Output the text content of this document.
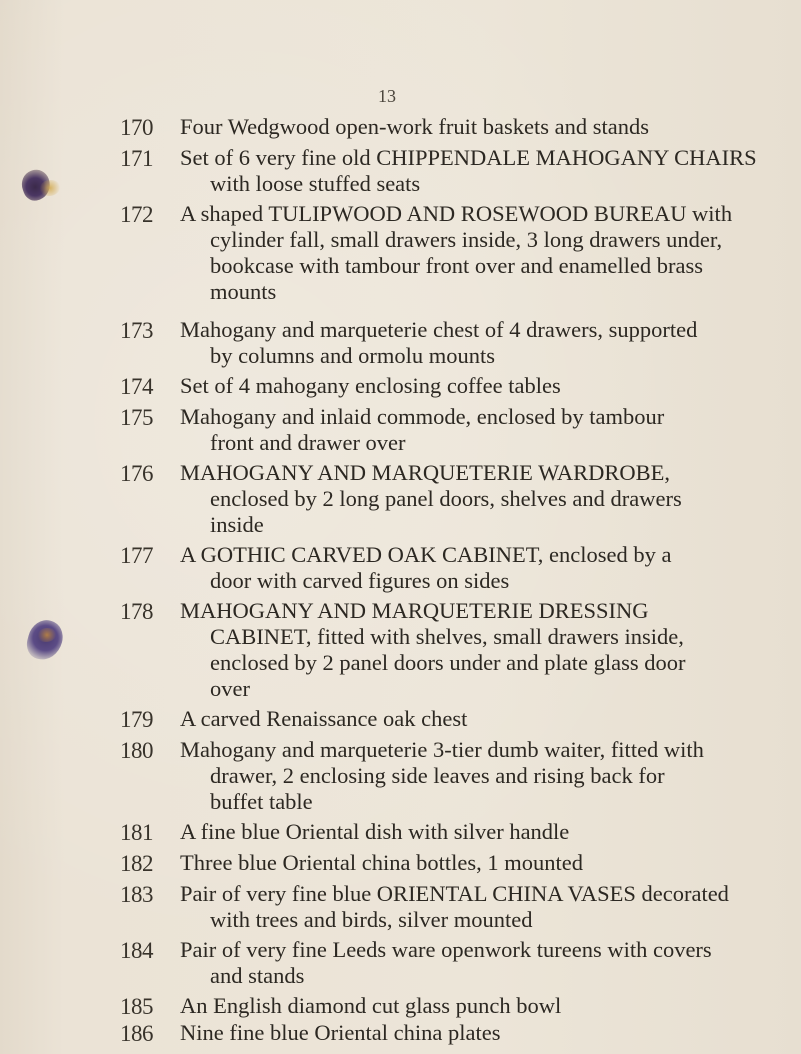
13
170	Four Wedgwood open-work fruit baskets and stands

171	Set of 6 very fine old CHIPPENDALE MAHOGANY CHAIRS

with loose stuffed seats

172	A shaped TULIPWOOD AND ROSEWOOD BUREAU with

cylinder fall, small drawers inside, 3 long drawers under,

bookcase with tambour front over and enamelled brass

mounts

173	Mahogany and marqueterie chest of 4 drawers, supported

by columns and ormolu mounts

174	Set of 4 mahogany enclosing coffee tables

175	Mahogany and inlaid commode, enclosed by tambour

front and drawer over

176	MAHOGANY AND MARQUETERIE WARDROBE,

enclosed by 2 long panel doors, shelves and drawers

inside

177	A GOTHIC CARVED OAK CABINET, enclosed by a

door with carved figures on sides

178	MAHOGANY AND MARQUETERIE DRESSING

CABINET, fitted with shelves, small drawers inside,

enclosed by 2 panel doors under and plate glass door

over

179	A carved Renaissance oak chest

180	Mahogany and marqueterie 3-tier dumb waiter, fitted with

drawer, 2 enclosing side leaves and rising back for

buffet table

181	A fine blue Oriental dish with silver handle

182	Three blue Oriental china bottles, 1 mounted

183	Pair of very fine blue ORIENTAL CHINA VASES decorated

with trees and birds, silver mounted

184	Pair of very fine Leeds ware openwork tureens with covers

and stands

185	An English diamond cut glass punch bowl

186	Nine fine blue Oriental china plates
